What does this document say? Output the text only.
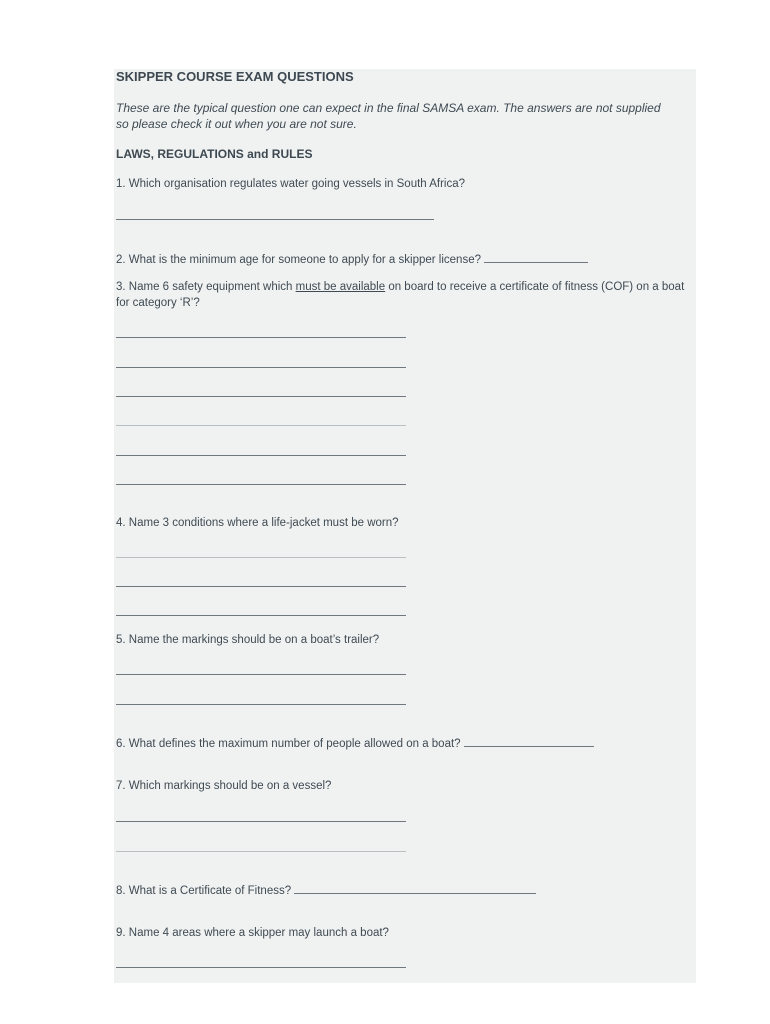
SKIPPER COURSE EXAM QUESTIONS
These are the typical question one can expect in the final SAMSA exam. The answers are not supplied so please check it out when you are not sure.
LAWS, REGULATIONS and RULES
1. Which organisation regulates water going vessels in South Africa?
2. What is the minimum age for someone to apply for a skipper license?
3. Name 6 safety equipment which must be available on board to receive a certificate of fitness (COF) on a boat for category ‘R’?
4. Name 3 conditions where a life-jacket must be worn?
5. Name the markings should be on a boat’s trailer?
6. What defines the maximum number of people allowed on a boat?
7. Which markings should be on a vessel?
8. What is a Certificate of Fitness?
9. Name 4 areas where a skipper may launch a boat?
